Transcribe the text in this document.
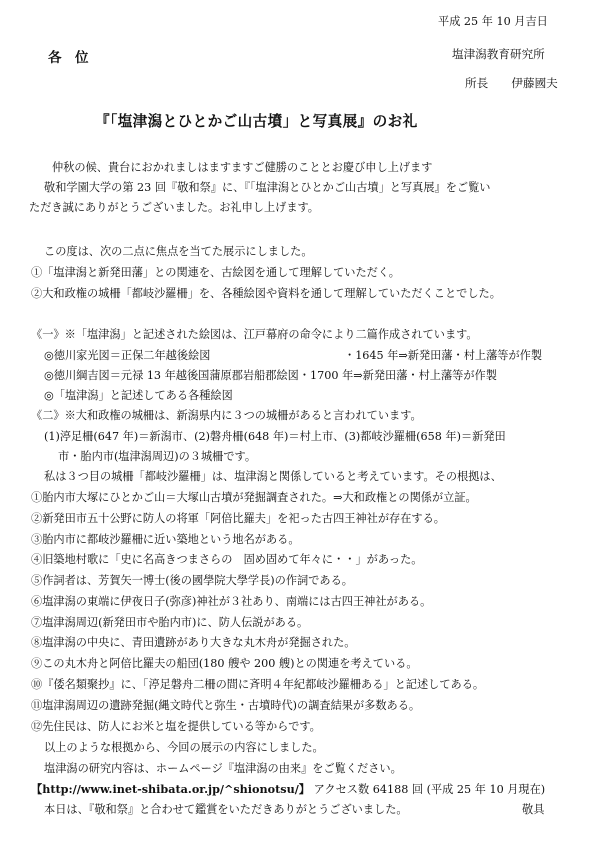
平成 25 年 10 月吉日
各　位	塩津潟教育研究所
所長　　伊藤國夫
『「塩津潟とひとかご山古墳」と写真展』のお礼
仲秋の候、貴台におかれましはますますご健勝のこととお慶び申し上げます
敬和学園大学の第 23 回『敬和祭』に、『「塩津潟とひとかご山古墳」と写真展』をご覧い
ただき誠にありがとうございました。お礼申し上げます。
この度は、次の二点に焦点を当てた展示にしました。
①「塩津潟と新発田藩」との関連を、古絵図を通して理解していただく。
②大和政権の城柵「都岐沙羅柵」を、各種絵図や資料を通して理解していただくことでした。
《一》※「塩津潟」と記述された絵図は、江戸幕府の命令により二篇作成されています。
◎徳川家光図＝正保二年越後絵図	・1645 年⇒新発田藩・村上藩等が作製
◎徳川綱吉図＝元禄 13 年越後国蒲原郡岩船郡絵図・1700 年⇒新発田藩・村上藩等が作製
◎「塩津潟」と記述してある各種絵図
《二》※大和政権の城柵は、新潟県内に３つの城柵があると言われています。
(1)渟足柵(647 年)＝新潟市、(2)磐舟柵(648 年)＝村上市、(3)都岐沙羅柵(658 年)＝新発田
市・胎内市(塩津潟周辺)の３城柵です。
私は３つ目の城柵「都岐沙羅柵」は、塩津潟と関係していると考えています。その根拠は、
①胎内市大塚にひとかご山＝大塚山古墳が発掘調査された。⇒大和政権との関係が立証。
②新発田市五十公野に防人の将軍「阿倍比羅夫」を祀った古四王神社が存在する。
③胎内市に都岐沙羅柵に近い築地という地名がある。
④旧築地村歌に「史に名高きつまさらの　固め固めて年々に・・」があった。
⑤作詞者は、芳賀矢一博士(後の國學院大學学長)の作詞である。
⑥塩津潟の東端に伊夜日子(弥彦)神社が３社あり、南端には古四王神社がある。
⑦塩津潟周辺(新発田市や胎内市)に、防人伝説がある。
⑧塩津潟の中央に、青田遺跡があり大きな丸木舟が発掘された。
⑨この丸木舟と阿倍比羅夫の船団(180 艘や 200 艘)との関連を考えている。
⑩『倭名類聚抄』に、「渟足磐舟二柵の間に斉明４年紀都岐沙羅柵ある」と記述してある。
⑪塩津潟周辺の遺跡発掘(縄文時代と弥生・古墳時代)の調査結果が多数ある。
⑫先住民は、防人にお米と塩を提供している等からです。
以上のような根拠から、今回の展示の内容にしました。
塩津潟の研究内容は、ホームページ『塩津潟の由来』をご覧ください。
【http://www.inet-shibata.or.jp/^shionotsu/】 アクセス数 64188 回 (平成 25 年 10 月現在)
本日は、『敬和祭』と合わせて鑑賞をいただきありがとうございました。	敬具
